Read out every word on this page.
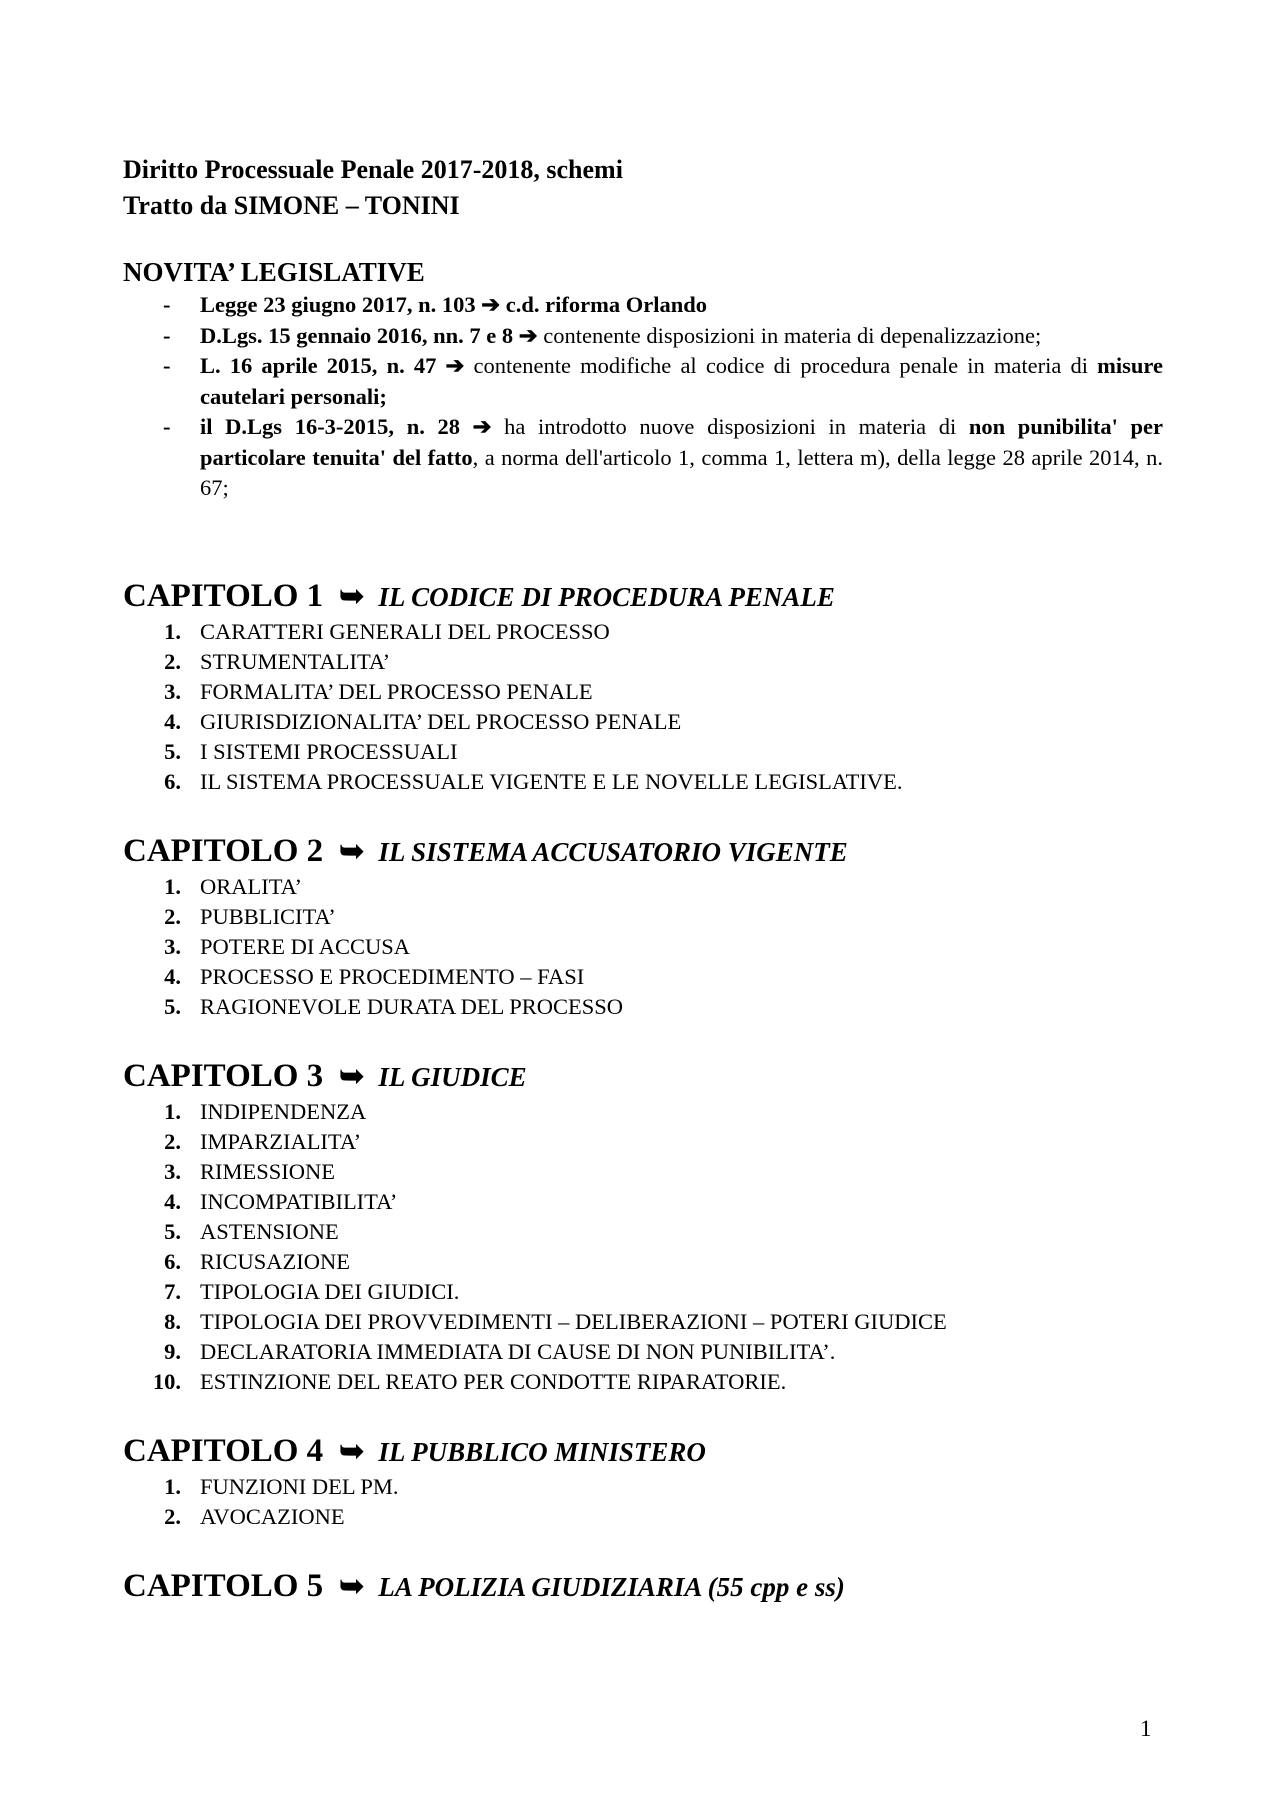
Diritto Processuale Penale 2017-2018, schemi

Tratto da SIMONE – TONINI

NOVITA’ LEGISLATIVE

- Legge 23 giugno 2017, n. 103 ➔ c.d. riforma Orlando
- D.Lgs. 15 gennaio 2016, nn. 7 e 8 ➔ contenente disposizioni in materia di depenalizzazione;
- L. 16 aprile 2015, n. 47 ➔ contenente modifiche al codice di procedura penale in materia di misure cautelari personali;
- il D.Lgs 16-3-2015, n. 28 ➔ ha introdotto nuove disposizioni in materia di non punibilita' per particolare tenuita' del fatto, a norma dell'articolo 1, comma 1, lettera m), della legge 28 aprile 2014, n. 67;
CAPITOLO 1 ➥ IL CODICE DI PROCEDURA PENALE
1. CARATTERI GENERALI DEL PROCESSO
2. STRUMENTALITA’
3. FORMALITA’ DEL PROCESSO PENALE
4. GIURISDIZIONALITA’ DEL PROCESSO PENALE
5. I SISTEMI PROCESSUALI
6. IL SISTEMA PROCESSUALE VIGENTE E LE NOVELLE LEGISLATIVE.
CAPITOLO 2 ➥ IL SISTEMA ACCUSATORIO VIGENTE
1. ORALITA’
2. PUBBLICITA’
3. POTERE DI ACCUSA
4. PROCESSO E PROCEDIMENTO – FASI
5. RAGIONEVOLE DURATA DEL PROCESSO
CAPITOLO 3 ➥ IL GIUDICE
1. INDIPENDENZA
2. IMPARZIALITA’
3. RIMESSIONE
4. INCOMPATIBILITA’
5. ASTENSIONE
6. RICUSAZIONE
7. TIPOLOGIA DEI GIUDICI.
8. TIPOLOGIA DEI PROVVEDIMENTI – DELIBERAZIONI – POTERI GIUDICE
9. DECLARATORIA IMMEDIATA DI CAUSE DI NON PUNIBILITA’.
10. ESTINZIONE DEL REATO PER CONDOTTE RIPARATORIE.
CAPITOLO 4 ➥ IL PUBBLICO MINISTERO
1. FUNZIONI DEL PM.
2. AVOCAZIONE
CAPITOLO 5 ➥ LA POLIZIA GIUDIZIARIA (55 cpp e ss)
1
